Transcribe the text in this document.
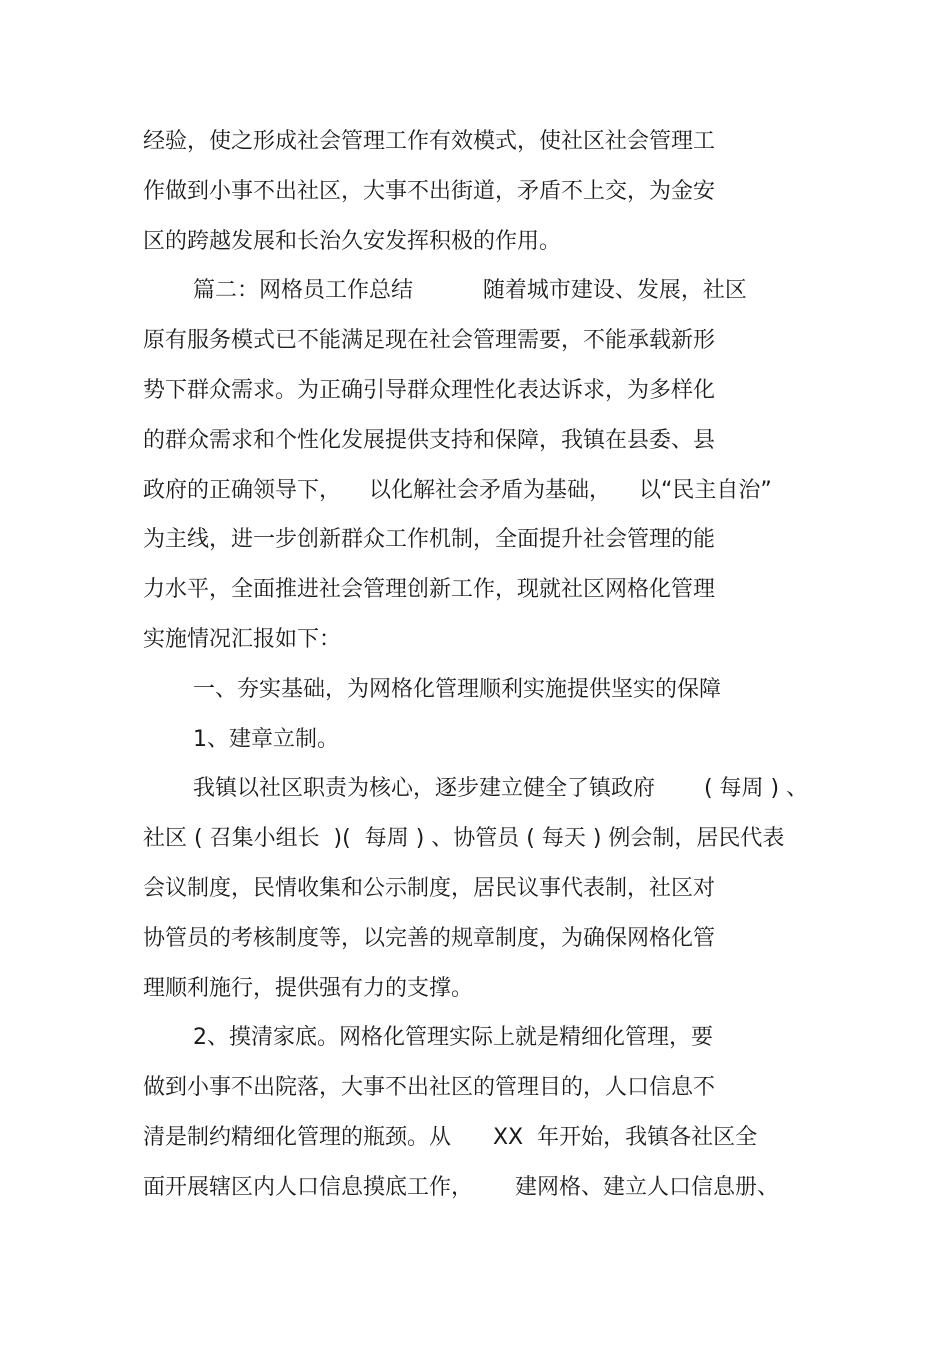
经验，使之形成社会管理工作有效模式，使社区社会管理工

作做到小事不出社区，大事不出街道，矛盾不上交，为金安

区的跨越发展和长治久安发挥积极的作用。

篇二：网格员工作总结          随着城市建设、发展，社区

原有服务模式已不能满足现在社会管理需要，不能承载新形

势下群众需求。为正确引导群众理性化表达诉求，为多样化

的群众需求和个性化发展提供支持和保障，我镇在县委、县

政府的正确领导下，    以化解社会矛盾为基础，    以“民主自治”

为主线，进一步创新群众工作机制，全面提升社会管理的能

力水平，全面推进社会管理创新工作，现就社区网格化管理

实施情况汇报如下：

一、夯实基础，为网格化管理顺利实施提供坚实的保障

1、建章立制。

我镇以社区职责为核心，逐步建立健全了镇政府       ( 每周 ) 、

社区 ( 召集小组长  )(  每周 ) 、协管员 ( 每天 ) 例会制，居民代表

会议制度，民情收集和公示制度，居民议事代表制，社区对

协管员的考核制度等，以完善的规章制度，为确保网格化管

理顺利施行，提供强有力的支撑。

2、摸清家底。网格化管理实际上就是精细化管理，要

做到小事不出院落，大事不出社区的管理目的，人口信息不

清是制约精细化管理的瓶颈。从      XX  年开始，我镇各社区全

面开展辖区内人口信息摸底工作，      建网格、建立人口信息册、
